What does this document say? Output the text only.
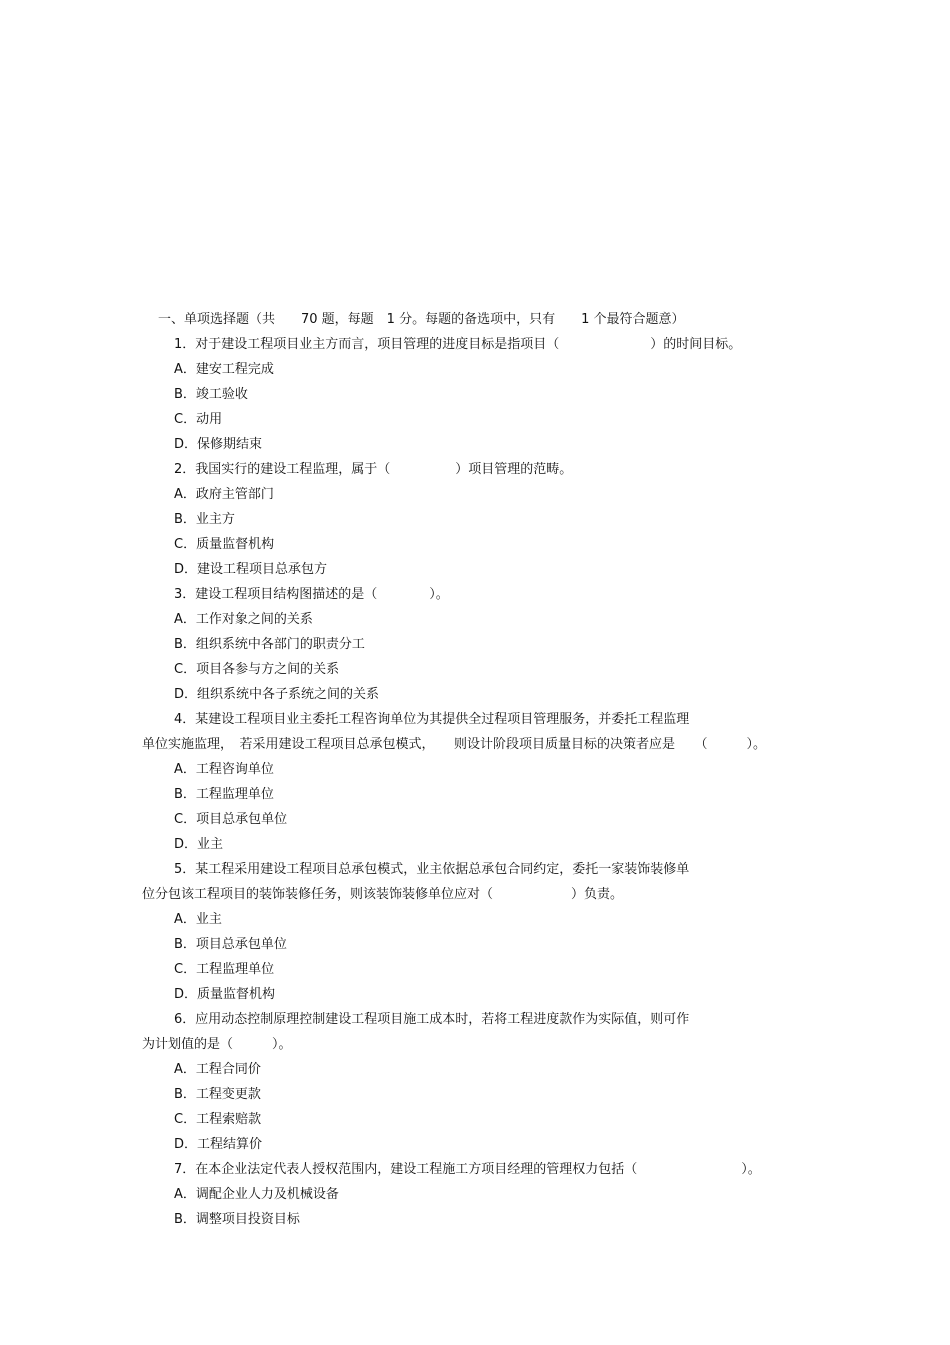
一、单项选择题（共　　70 题，每题　1 分。每题的备选项中，只有　　1 个最符合题意）
1．对于建设工程项目业主方而言，项目管理的进度目标是指项目（　　　　　　　）的时间目标。
A．建安工程完成
B．竣工验收
C．动用
D．保修期结束
2．我国实行的建设工程监理，属于（　　　　　）项目管理的范畴。
A．政府主管部门
B．业主方
C．质量监督机构
D．建设工程项目总承包方
3．建设工程项目结构图描述的是（　　　　）。
A．工作对象之间的关系
B．组织系统中各部门的职责分工
C．项目各参与方之间的关系
D．组织系统中各子系统之间的关系
4．某建设工程项目业主委托工程咨询单位为其提供全过程项目管理服务，并委托工程监理
单位实施监理，　若采用建设工程项目总承包模式，　　则设计阶段项目质量目标的决策者应是　　（　　　）。
A．工程咨询单位
B．工程监理单位
C．项目总承包单位
D．业主
5．某工程采用建设工程项目总承包模式，业主依据总承包合同约定，委托一家装饰装修单
位分包该工程项目的装饰装修任务，则该装饰装修单位应对（　　　　　　）负责。
A．业主
B．项目总承包单位
C．工程监理单位
D．质量监督机构
6．应用动态控制原理控制建设工程项目施工成本时，若将工程进度款作为实际值，则可作
为计划值的是（　　　）。
A．工程合同价
B．工程变更款
C．工程索赔款
D．工程结算价
7．在本企业法定代表人授权范围内，建设工程施工方项目经理的管理权力包括（　　　　　　　　）。
A．调配企业人力及机械设备
B．调整项目投资目标
